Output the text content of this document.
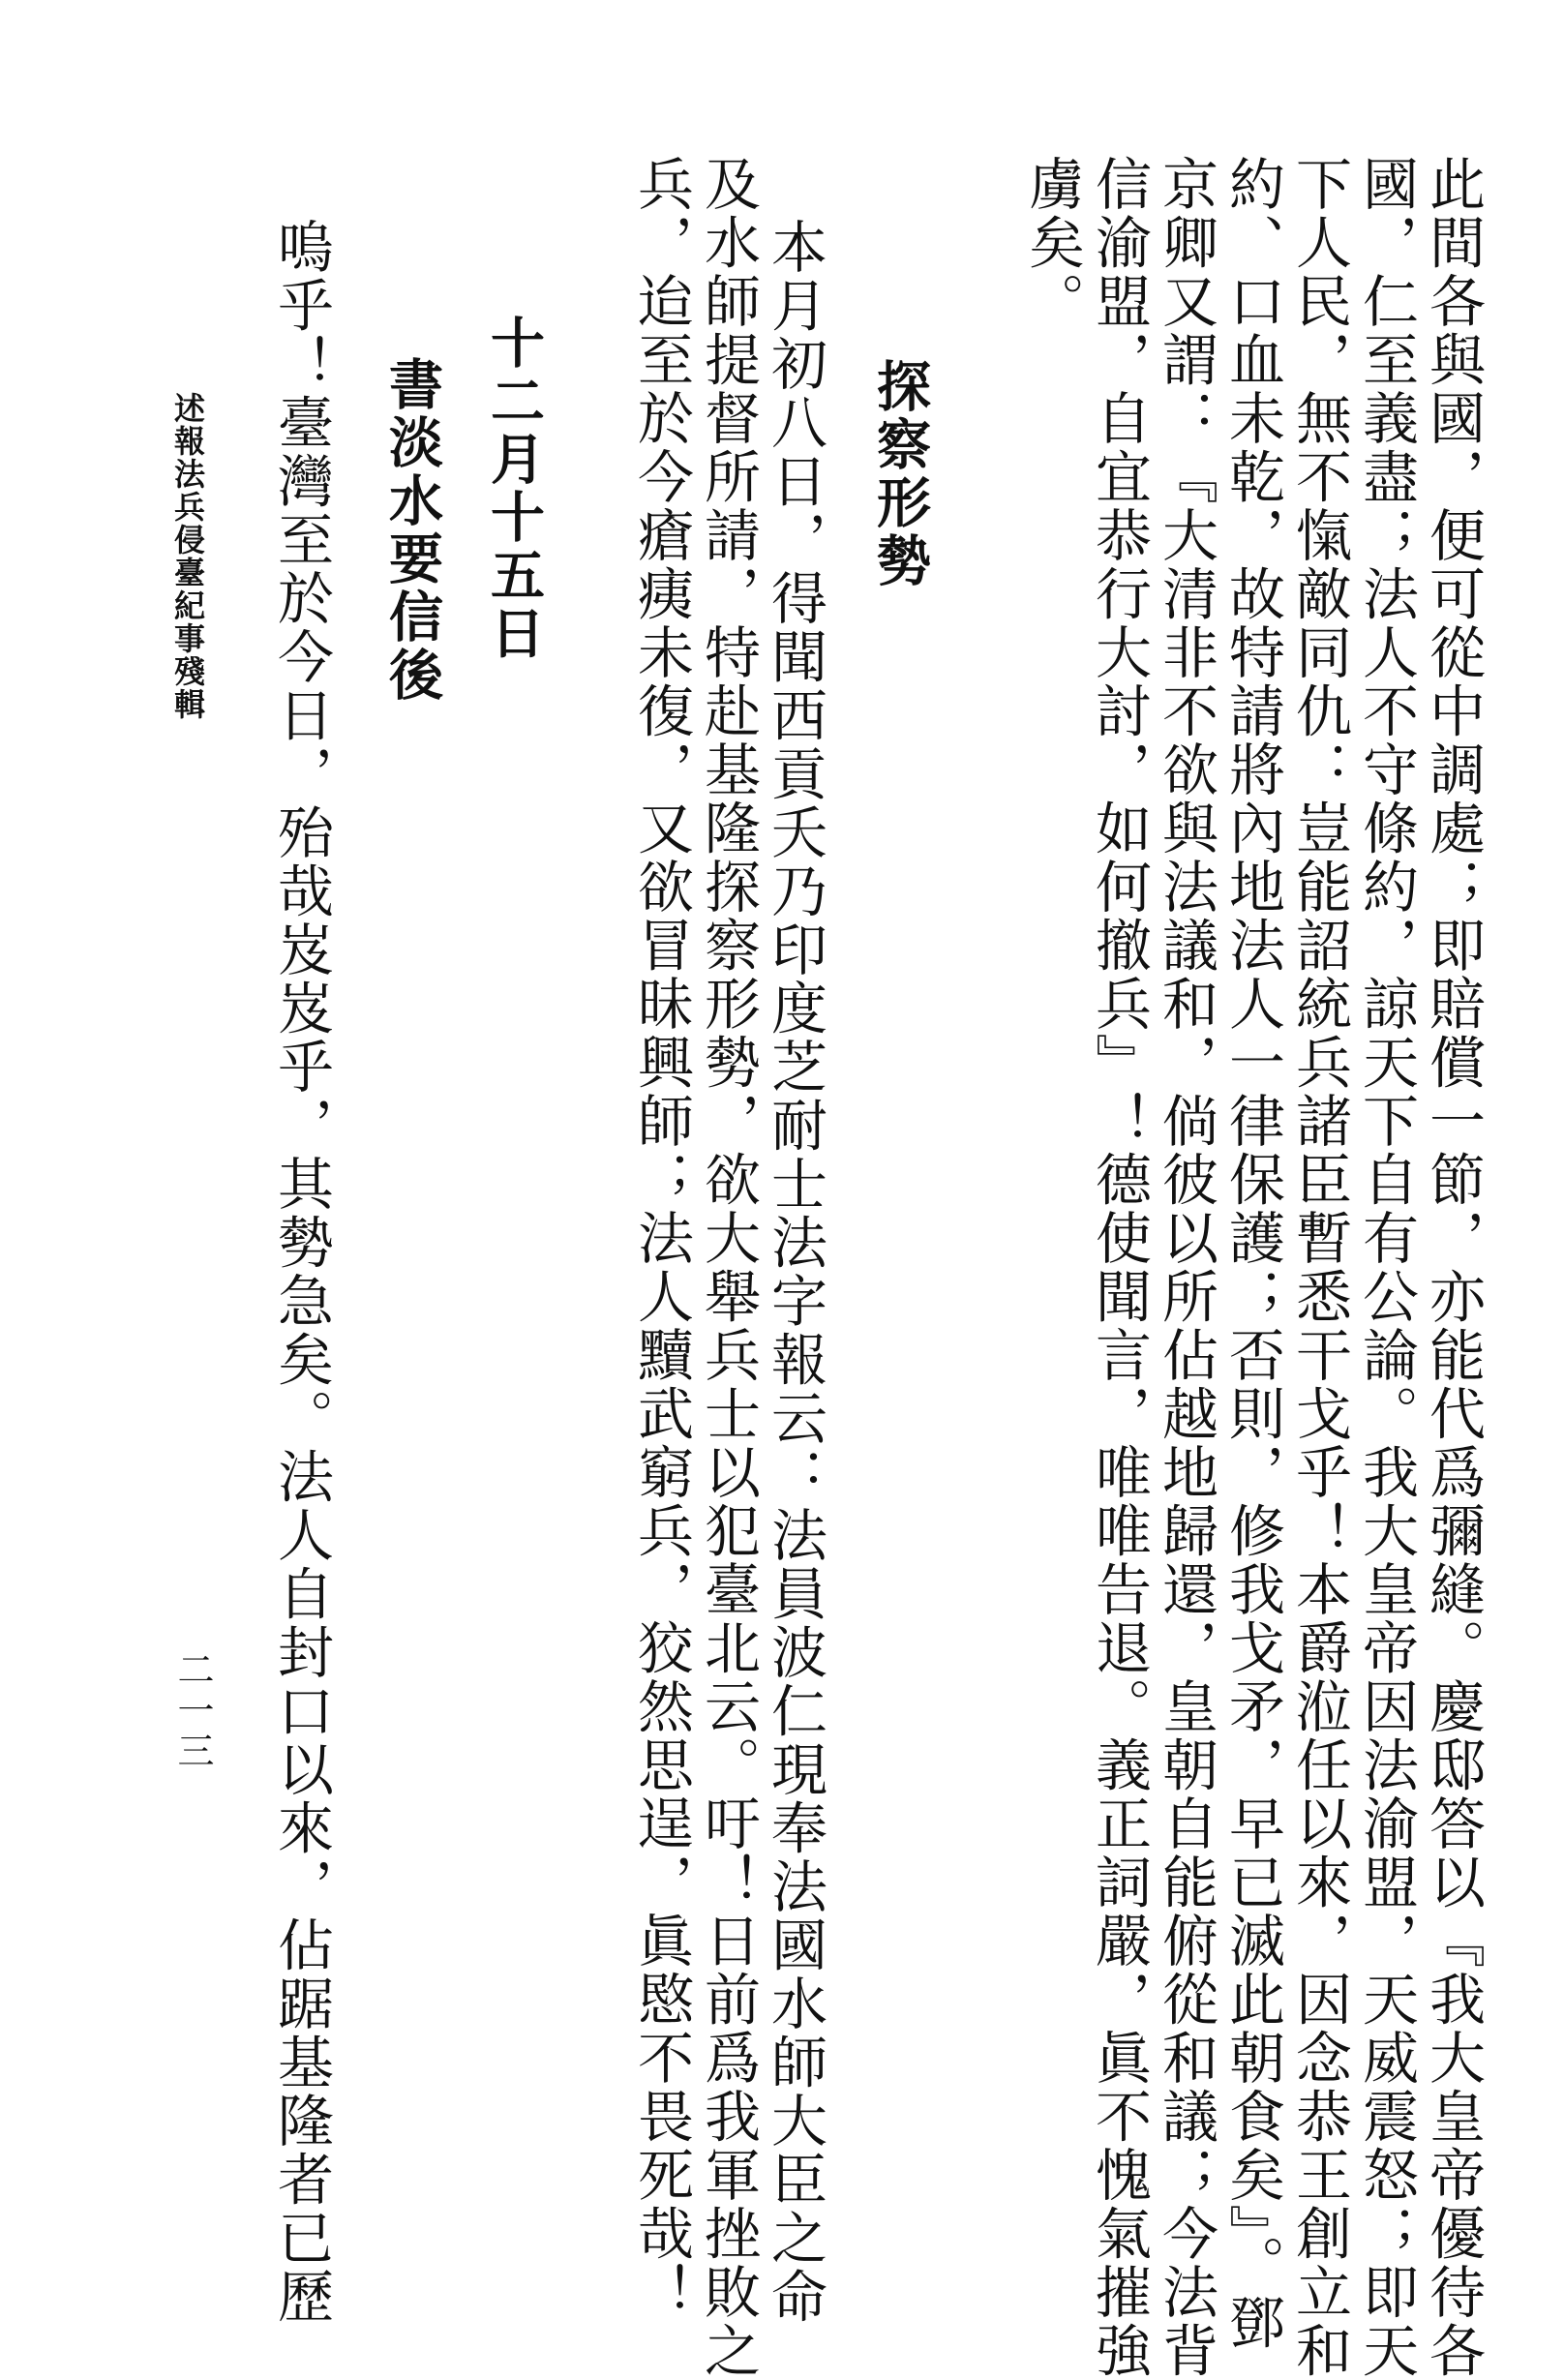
述報法兵侵臺紀事殘輯
二一三	此間各與國，便可從中調處；即賠償一節，亦能代爲彌縫。慶邸答以『我大皇帝優待各
國，仁至義盡；法人不守條約，諒天下自有公論。我大皇帝因法渝盟，天威震怒；即天
下人民，無不愾敵同仇：豈能詔統兵諸臣暫悉干戈乎！本爵涖任以來，因念恭王創立和
約、口血未乾，故特請將內地法人一律保護；否則，修我戈矛，早已滅此朝食矣』。鄧
京卿又謂：『大清非不欲與法議和，倘彼以所佔越地歸還，皇朝自能俯從和議；今法背
信渝盟，自宜恭行大討，如何撤兵』！德使聞言，唯唯告退。義正詞嚴，眞不愧氣摧強
虜矣。
探察形勢
本月初八日，得聞西貢夭乃印度芝耐士法字報云：法員波仁現奉法國水師大臣之命
及水師提督所請，特赴基隆探察形勢，欲大舉兵士以犯臺北云。吁！日前爲我軍挫敗之
兵，迨至於今瘡痍未復，又欲冒昧興師；法人黷武窮兵，狡然思逞，眞愍不畏死哉！
十二月十五日
書淡水要信後
嗚乎！臺灣至於今日，殆哉岌岌乎，其勢急矣。法人自封口以來，佔踞基隆者已歷
